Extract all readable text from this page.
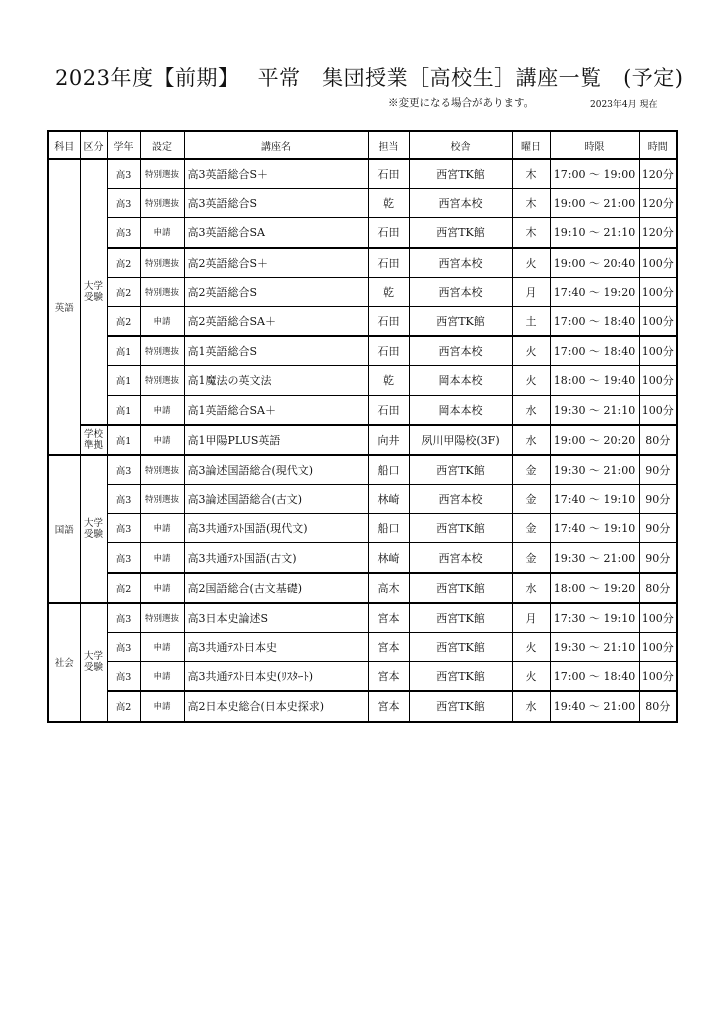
2023年度【前期】　 平常　集団授業［高校生］講座一覧　(予定)
※変更になる場合があります。	2023年4月 現在
科目	区分	学年	設定	講座名	担当	校舎	曜日	時限	時間
英語	大学受験	高3	特別選抜	高3英語総合S＋	石田	西宮TK館	木	17:00 ～ 19:00	120分
		高3	特別選抜	高3英語総合S	乾	西宮本校	木	19:00 ～ 21:00	120分
		高3	申請	高3英語総合SA	石田	西宮TK館	木	19:10 ～ 21:10	120分
		高2	特別選抜	高2英語総合S＋	石田	西宮本校	火	19:00 ～ 20:40	100分
		高2	特別選抜	高2英語総合S	乾	西宮本校	月	17:40 ～ 19:20	100分
		高2	申請	高2英語総合SA＋	石田	西宮TK館	土	17:00 ～ 18:40	100分
		高1	特別選抜	高1英語総合S	石田	西宮本校	火	17:00 ～ 18:40	100分
		高1	特別選抜	高1魔法の英文法	乾	岡本本校	火	18:00 ～ 19:40	100分
		高1	申請	高1英語総合SA＋	石田	岡本本校	水	19:30 ～ 21:10	100分
	学校準拠	高1	申請	高1甲陽PLUS英語	向井	夙川甲陽校(3F)	水	19:00 ～ 20:20	80分
国語	大学受験	高3	特別選抜	高3論述国語総合(現代文)	船口	西宮TK館	金	19:30 ～ 21:00	90分
		高3	特別選抜	高3論述国語総合(古文)	林崎	西宮本校	金	17:40 ～ 19:10	90分
		高3	申請	高3共通ﾃｽﾄ国語(現代文)	船口	西宮TK館	金	17:40 ～ 19:10	90分
		高3	申請	高3共通ﾃｽﾄ国語(古文)	林崎	西宮本校	金	19:30 ～ 21:00	90分
		高2	申請	高2国語総合(古文基礎)	高木	西宮TK館	水	18:00 ～ 19:20	80分
社会	大学受験	高3	特別選抜	高3日本史論述S	宮本	西宮TK館	月	17:30 ～ 19:10	100分
		高3	申請	高3共通ﾃｽﾄ日本史	宮本	西宮TK館	火	19:30 ～ 21:10	100分
		高3	申請	高3共通ﾃｽﾄ日本史(ﾘｽﾀｰﾄ)	宮本	西宮TK館	火	17:00 ～ 18:40	100分
		高2	申請	高2日本史総合(日本史探求)	宮本	西宮TK館	水	19:40 ～ 21:00	80分
